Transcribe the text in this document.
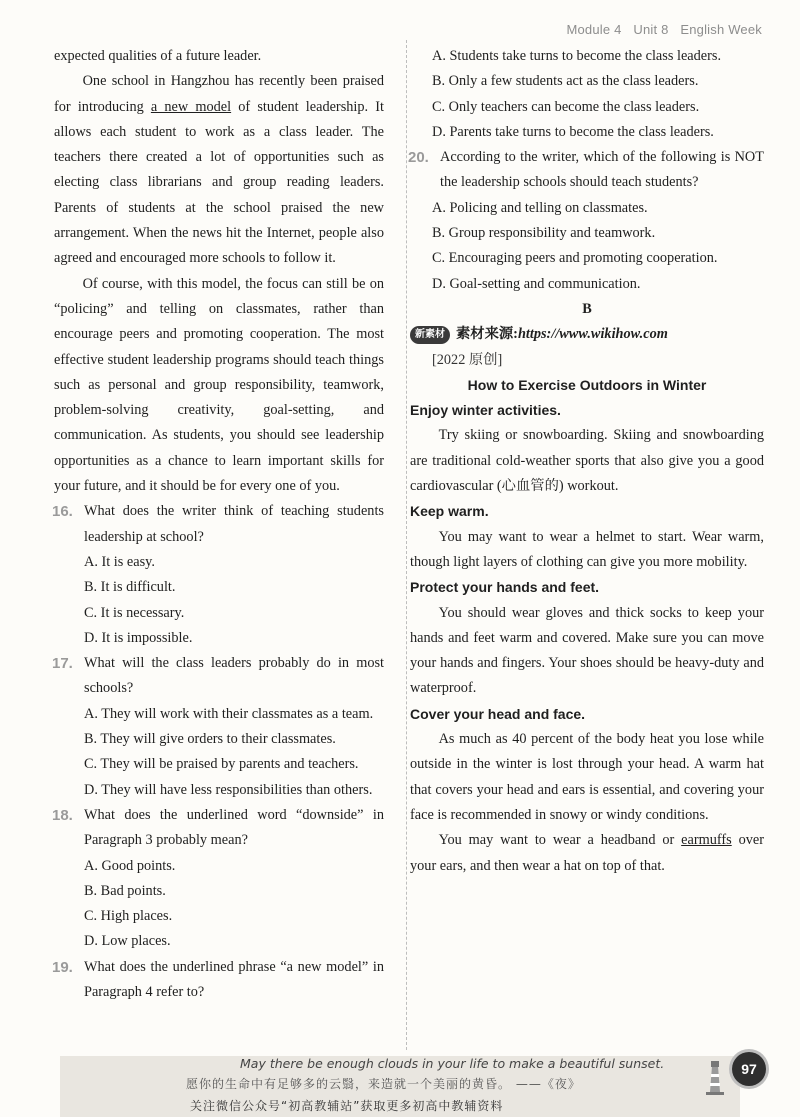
Module 4 Unit 8 English Week

expected qualities of a future leader.

One school in Hangzhou has recently been praised for introducing a new model of student leadership. It allows each student to work as a class leader. The teachers there created a lot of opportunities such as electing class librarians and group reading leaders. Parents of students at the school praised the new arrangement. When the news hit the Internet, people also agreed and encouraged more schools to follow it.

Of course, with this model, the focus can still be on “policing” and telling on classmates, rather than encourage peers and promoting cooperation. The most effective student leadership programs should teach things such as personal and group responsibility, teamwork, problem-solving creativity, goal-setting, and communication. As students, you should see leadership opportunities as a chance to learn important skills for your future, and it should be for every one of you.

16. What does the writer think of teaching students leadership at school?

A. It is easy.

B. It is difficult.

C. It is necessary.

D. It is impossible.

17. What will the class leaders probably do in most schools?

A. They will work with their classmates as a team.

B. They will give orders to their classmates.

C. They will be praised by parents and teachers.

D. They will have less responsibilities than others.

18. What does the underlined word “downside” in Paragraph 3 probably mean?

A. Good points.

B. Bad points.

C. High places.

D. Low places.

19. What does the underlined phrase “a new model” in Paragraph 4 refer to?

A. Students take turns to become the class leaders.

B. Only a few students act as the class leaders.

C. Only teachers can become the class leaders.

D. Parents take turns to become the class leaders.

20. According to the writer, which of the following is NOT the leadership schools should teach students?

A. Policing and telling on classmates.

B. Group responsibility and teamwork.

C. Encouraging peers and promoting cooperation.

D. Goal-setting and communication.

B

新素材 素材来源: https://www.wikihow.com

[2022 原创]

How to Exercise Outdoors in Winter

Enjoy winter activities.

Try skiing or snowboarding. Skiing and snowboarding are traditional cold-weather sports that also give you a good cardiovascular (心血管的) workout.

Keep warm.

You may want to wear a helmet to start. Wear warm, though light layers of clothing can give you more mobility.

Protect your hands and feet.

You should wear gloves and thick socks to keep your hands and feet warm and covered. Make sure you can move your hands and fingers. Your shoes should be heavy-duty and waterproof.

Cover your head and face.

As much as 40 percent of the body heat you lose while outside in the winter is lost through your head. A warm hat that covers your head and ears is essential, and covering your face is recommended in snowy or windy conditions.

You may want to wear a headband or earmuffs over your ears, and then wear a hat on top of that.

May there be enough clouds in your life to make a beautiful sunset.
愿你的生命中有足够多的云翳，来造就一个美丽的黄昏。 ——《夜》
关注微信公众号“初高教辅站”获取更多初高中教辅资料
97
